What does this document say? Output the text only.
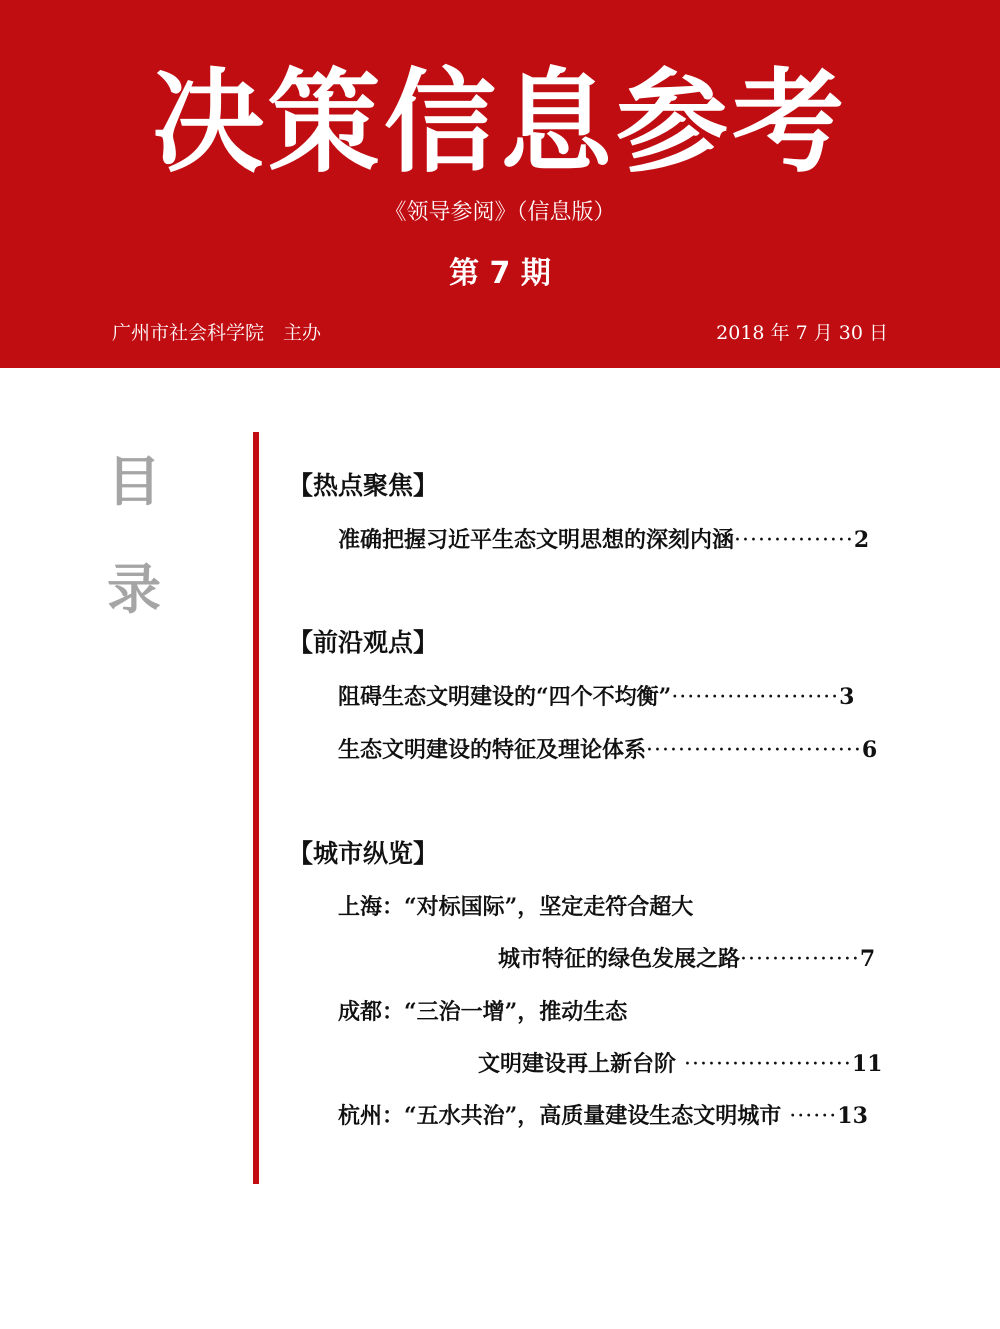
决策信息参考
《领导参阅》（信息版）
第 7 期
广州市社会科学院　主办	2018 年 7 月 30 日
目
录
【热点聚焦】
准确把握习近平生态文明思想的深刻内涵···············2
【前沿观点】
阻碍生态文明建设的“四个不均衡”·····················3
生态文明建设的特征及理论体系···························6
【城市纵览】
上海：“对标国际”，坚定走符合超大
城市特征的绿色发展之路···············7
成都：“三治一增”，推动生态
文明建设再上新台阶 ·····················11
杭州：“五水共治”，高质量建设生态文明城市 ······13
